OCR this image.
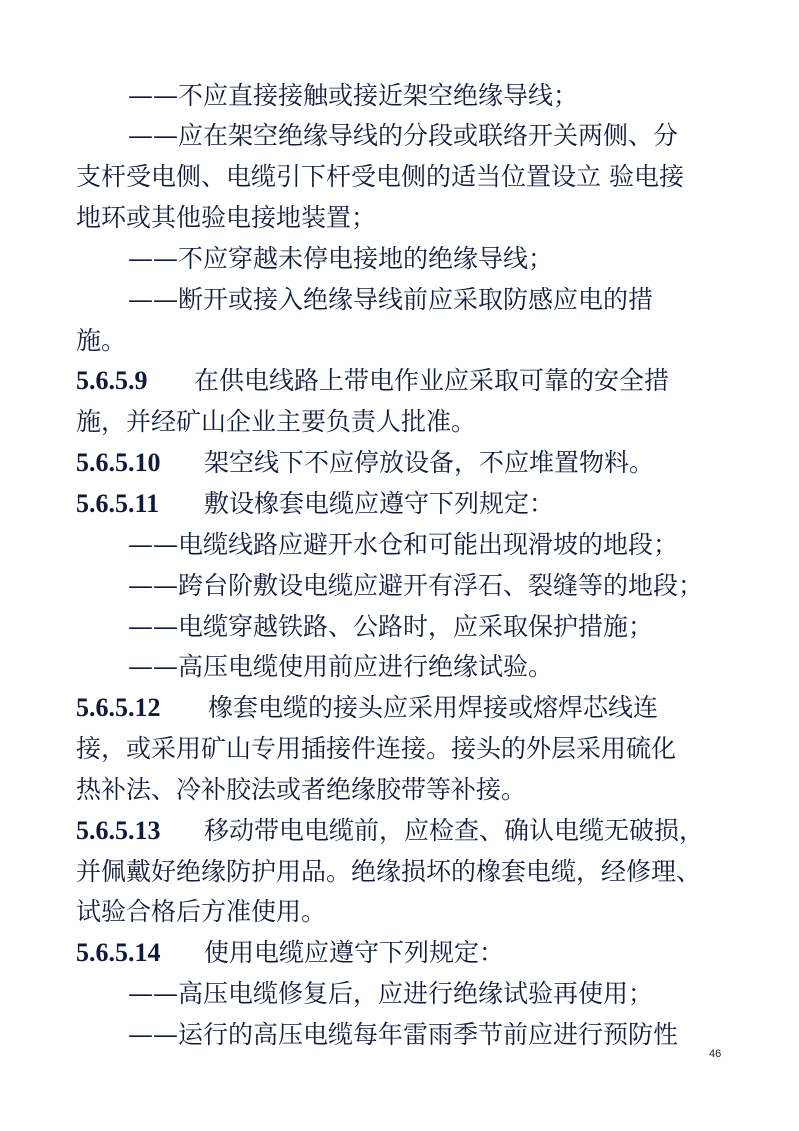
——不应直接接触或接近架空绝缘导线；
——应在架空绝缘导线的分段或联络开关两侧、分
支杆受电侧、电缆引下杆受电侧的适当位置设立 验电接
地环或其他验电接地装置；
——不应穿越未停电接地的绝缘导线；
——断开或接入绝缘导线前应采取防感应电的措
施。
5.6.5.9 在供电线路上带电作业应采取可靠的安全措
施，并经矿山企业主要负责人批准。
5.6.5.10 架空线下不应停放设备，不应堆置物料。
5.6.5.11 敷设橡套电缆应遵守下列规定：
——电缆线路应避开水仓和可能出现滑坡的地段；
——跨台阶敷设电缆应避开有浮石、裂缝等的地段；
——电缆穿越铁路、公路时，应采取保护措施；
——高压电缆使用前应进行绝缘试验。
5.6.5.12 橡套电缆的接头应采用焊接或熔焊芯线连
接，或采用矿山专用插接件连接。接头的外层采用硫化
热补法、冷补胶法或者绝缘胶带等补接。
5.6.5.13 移动带电电缆前，应检查、确认电缆无破损，
并佩戴好绝缘防护用品。绝缘损坏的橡套电缆，经修理、
试验合格后方准使用。
5.6.5.14 使用电缆应遵守下列规定：
——高压电缆修复后，应进行绝缘试验再使用；
——运行的高压电缆每年雷雨季节前应进行预防性
46
